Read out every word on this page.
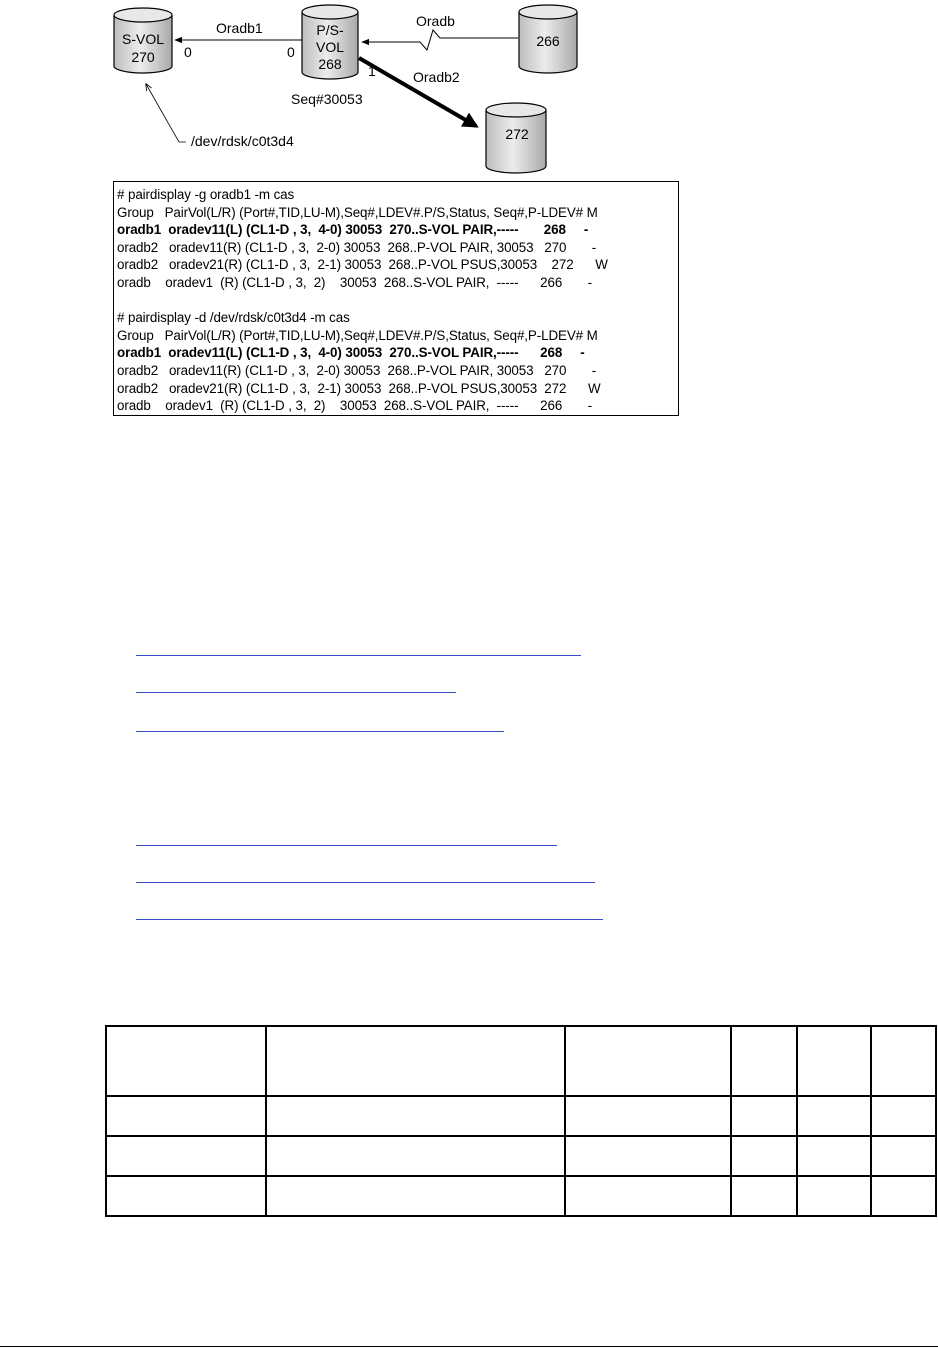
S-VOL
270
P/S-
VOL
268
266
272
Oradb1
0	0
Oradb
Oradb2
1
Seq#30053
/dev/rdsk/c0t3d4
# pairdisplay -g oradb1 -m cas
Group   PairVol(L/R) (Port#,TID,LU-M),Seq#,LDEV#.P/S,Status, Seq#,P-LDEV# M
oradb1  oradev11(L) (CL1-D , 3,  4-0) 30053  270..S-VOL PAIR,-----       268     -
oradb2   oradev11(R) (CL1-D , 3,  2-0) 30053  268..P-VOL PAIR, 30053   270       -
oradb2   oradev21(R) (CL1-D , 3,  2-1) 30053  268..P-VOL PSUS,30053    272      W
oradb    oradev1  (R) (CL1-D , 3,  2)    30053  268..S-VOL PAIR,  -----      266       -
# pairdisplay -d /dev/rdsk/c0t3d4 -m cas
Group   PairVol(L/R) (Port#,TID,LU-M),Seq#,LDEV#.P/S,Status, Seq#,P-LDEV# M
oradb1  oradev11(L) (CL1-D , 3,  4-0) 30053  270..S-VOL PAIR,-----      268     -
oradb2   oradev11(R) (CL1-D , 3,  2-0) 30053  268..P-VOL PAIR, 30053   270       -
oradb2   oradev21(R) (CL1-D , 3,  2-1) 30053  268..P-VOL PSUS,30053  272      W
oradb    oradev1  (R) (CL1-D , 3,  2)    30053  268..S-VOL PAIR,  -----      266       -
